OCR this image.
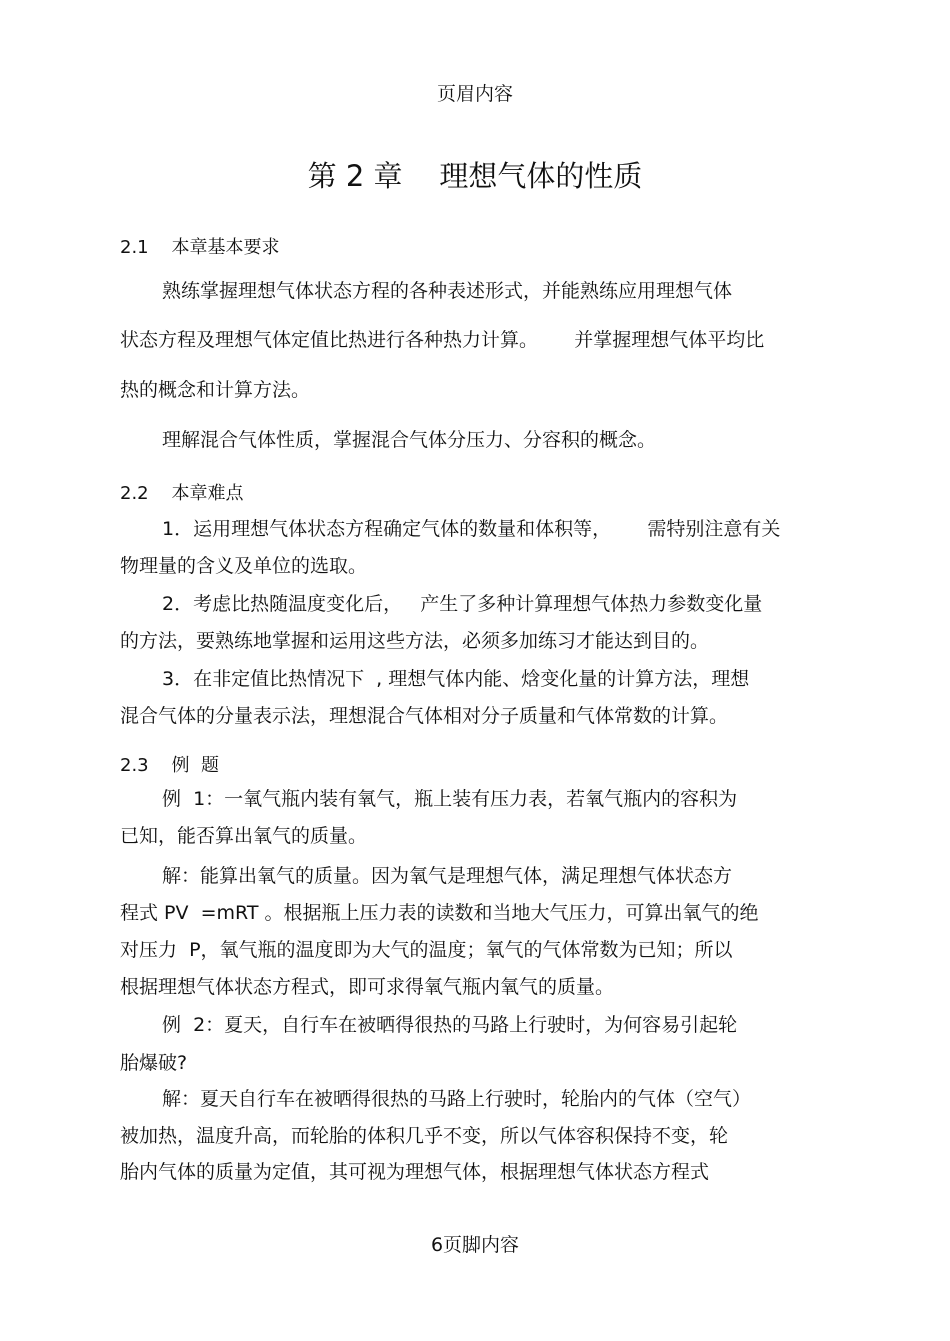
页眉内容
第 2 章    理想气体的性质
2.1    本章基本要求
熟练掌握理想气体状态方程的各种表述形式，并能熟练应用理想气体
状态方程及理想气体定值比热进行各种热力计算。      并掌握理想气体平均比
热的概念和计算方法。
理解混合气体性质，掌握混合气体分压力、分容积的概念。
2.2    本章难点
1．运用理想气体状态方程确定气体的数量和体积等，      需特别注意有关
物理量的含义及单位的选取。
2．考虑比热随温度变化后，   产生了多种计算理想气体热力参数变化量
的方法，要熟练地掌握和运用这些方法，必须多加练习才能达到目的。
3．在非定值比热情况下  , 理想气体内能、焓变化量的计算方法，理想
混合气体的分量表示法，理想混合气体相对分子质量和气体常数的计算。
2.3    例  题
例  1：一氧气瓶内装有氧气，瓶上装有压力表，若氧气瓶内的容积为
已知，能否算出氧气的质量。
解：能算出氧气的质量。因为氧气是理想气体，满足理想气体状态方
程式 PV  =mRT 。根据瓶上压力表的读数和当地大气压力，可算出氧气的绝
对压力  P，氧气瓶的温度即为大气的温度；氧气的气体常数为已知；所以
根据理想气体状态方程式，即可求得氧气瓶内氧气的质量。
例  2：夏天，自行车在被晒得很热的马路上行驶时，为何容易引起轮
胎爆破?
解：夏天自行车在被晒得很热的马路上行驶时，轮胎内的气体（空气）
被加热，温度升高，而轮胎的体积几乎不变，所以气体容积保持不变，轮
胎内气体的质量为定值，其可视为理想气体，根据理想气体状态方程式
6页脚内容
